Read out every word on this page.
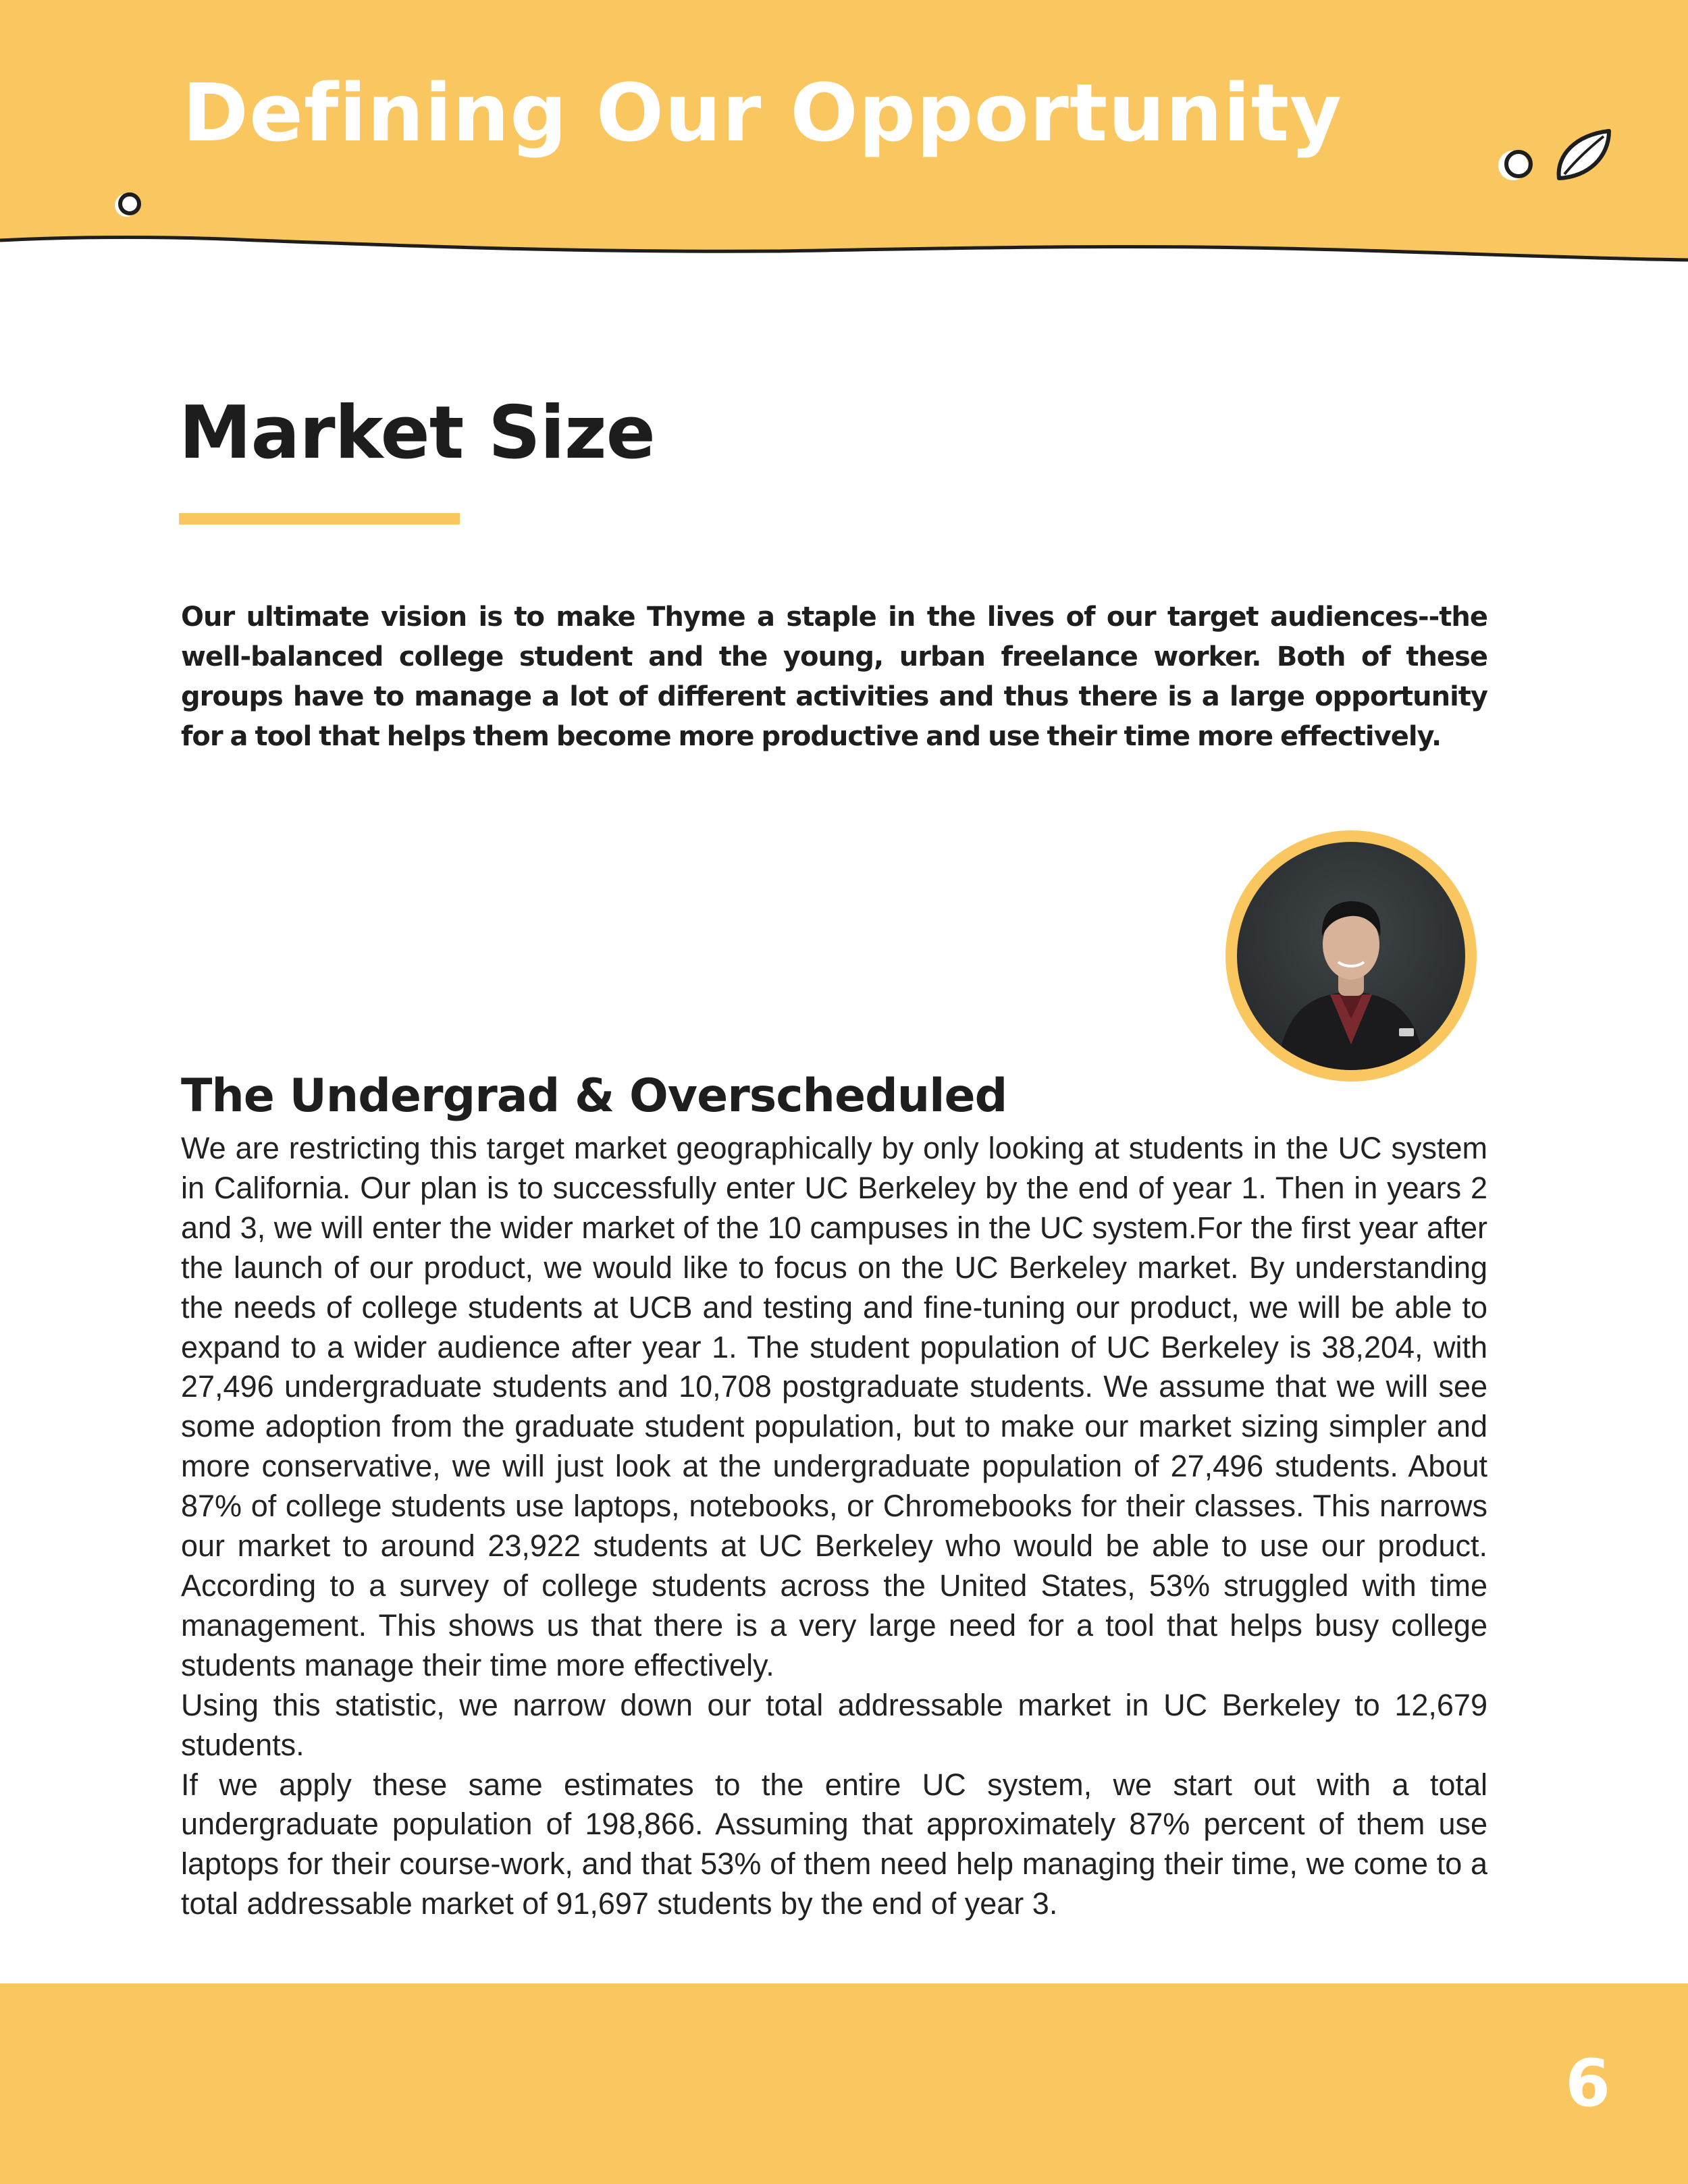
Defining Our Opportunity
Market Size

Our ultimate vision is to make Thyme a staple in the lives of our target audiences--the well-balanced college student and the young, urban freelance worker. Both of these groups have to manage a lot of different activities and thus there is a large opportunity for a tool that helps them become more productive and use their time more effectively.

The Undergrad & Overscheduled

We are restricting this target market geographically by only looking at students in the UC system in California. Our plan is to successfully enter UC Berkeley by the end of year 1. Then in years 2 and 3, we will enter the wider market of the 10 campuses in the UC system.For the first year after the launch of our product, we would like to focus on the UC Berkeley market. By understanding the needs of college students at UCB and testing and fine-tuning our product, we will be able to expand to a wider audience after year 1. The student population of UC Berkeley is 38,204, with 27,496 undergraduate students and 10,708 postgraduate students. We assume that we will see some adoption from the graduate student population, but to make our market sizing simpler and more conservative, we will just look at the undergraduate population of 27,496 students. About 87% of college students use laptops, notebooks, or Chromebooks for their classes. This narrows our market to around 23,922 students at UC Berkeley who would be able to use our product. According to a survey of college students across the United States, 53% struggled with time management. This shows us that there is a very large need for a tool that helps busy college students manage their time more effectively.

Using this statistic, we narrow down our total addressable market in UC Berkeley to 12,679 students.

If we apply these same estimates to the entire UC system, we start out with a total undergraduate population of 198,866. Assuming that approximately 87% percent of them use laptops for their course-work, and that 53% of them need help managing their time, we come to a total addressable market of 91,697 students by the end of year 3.

6
